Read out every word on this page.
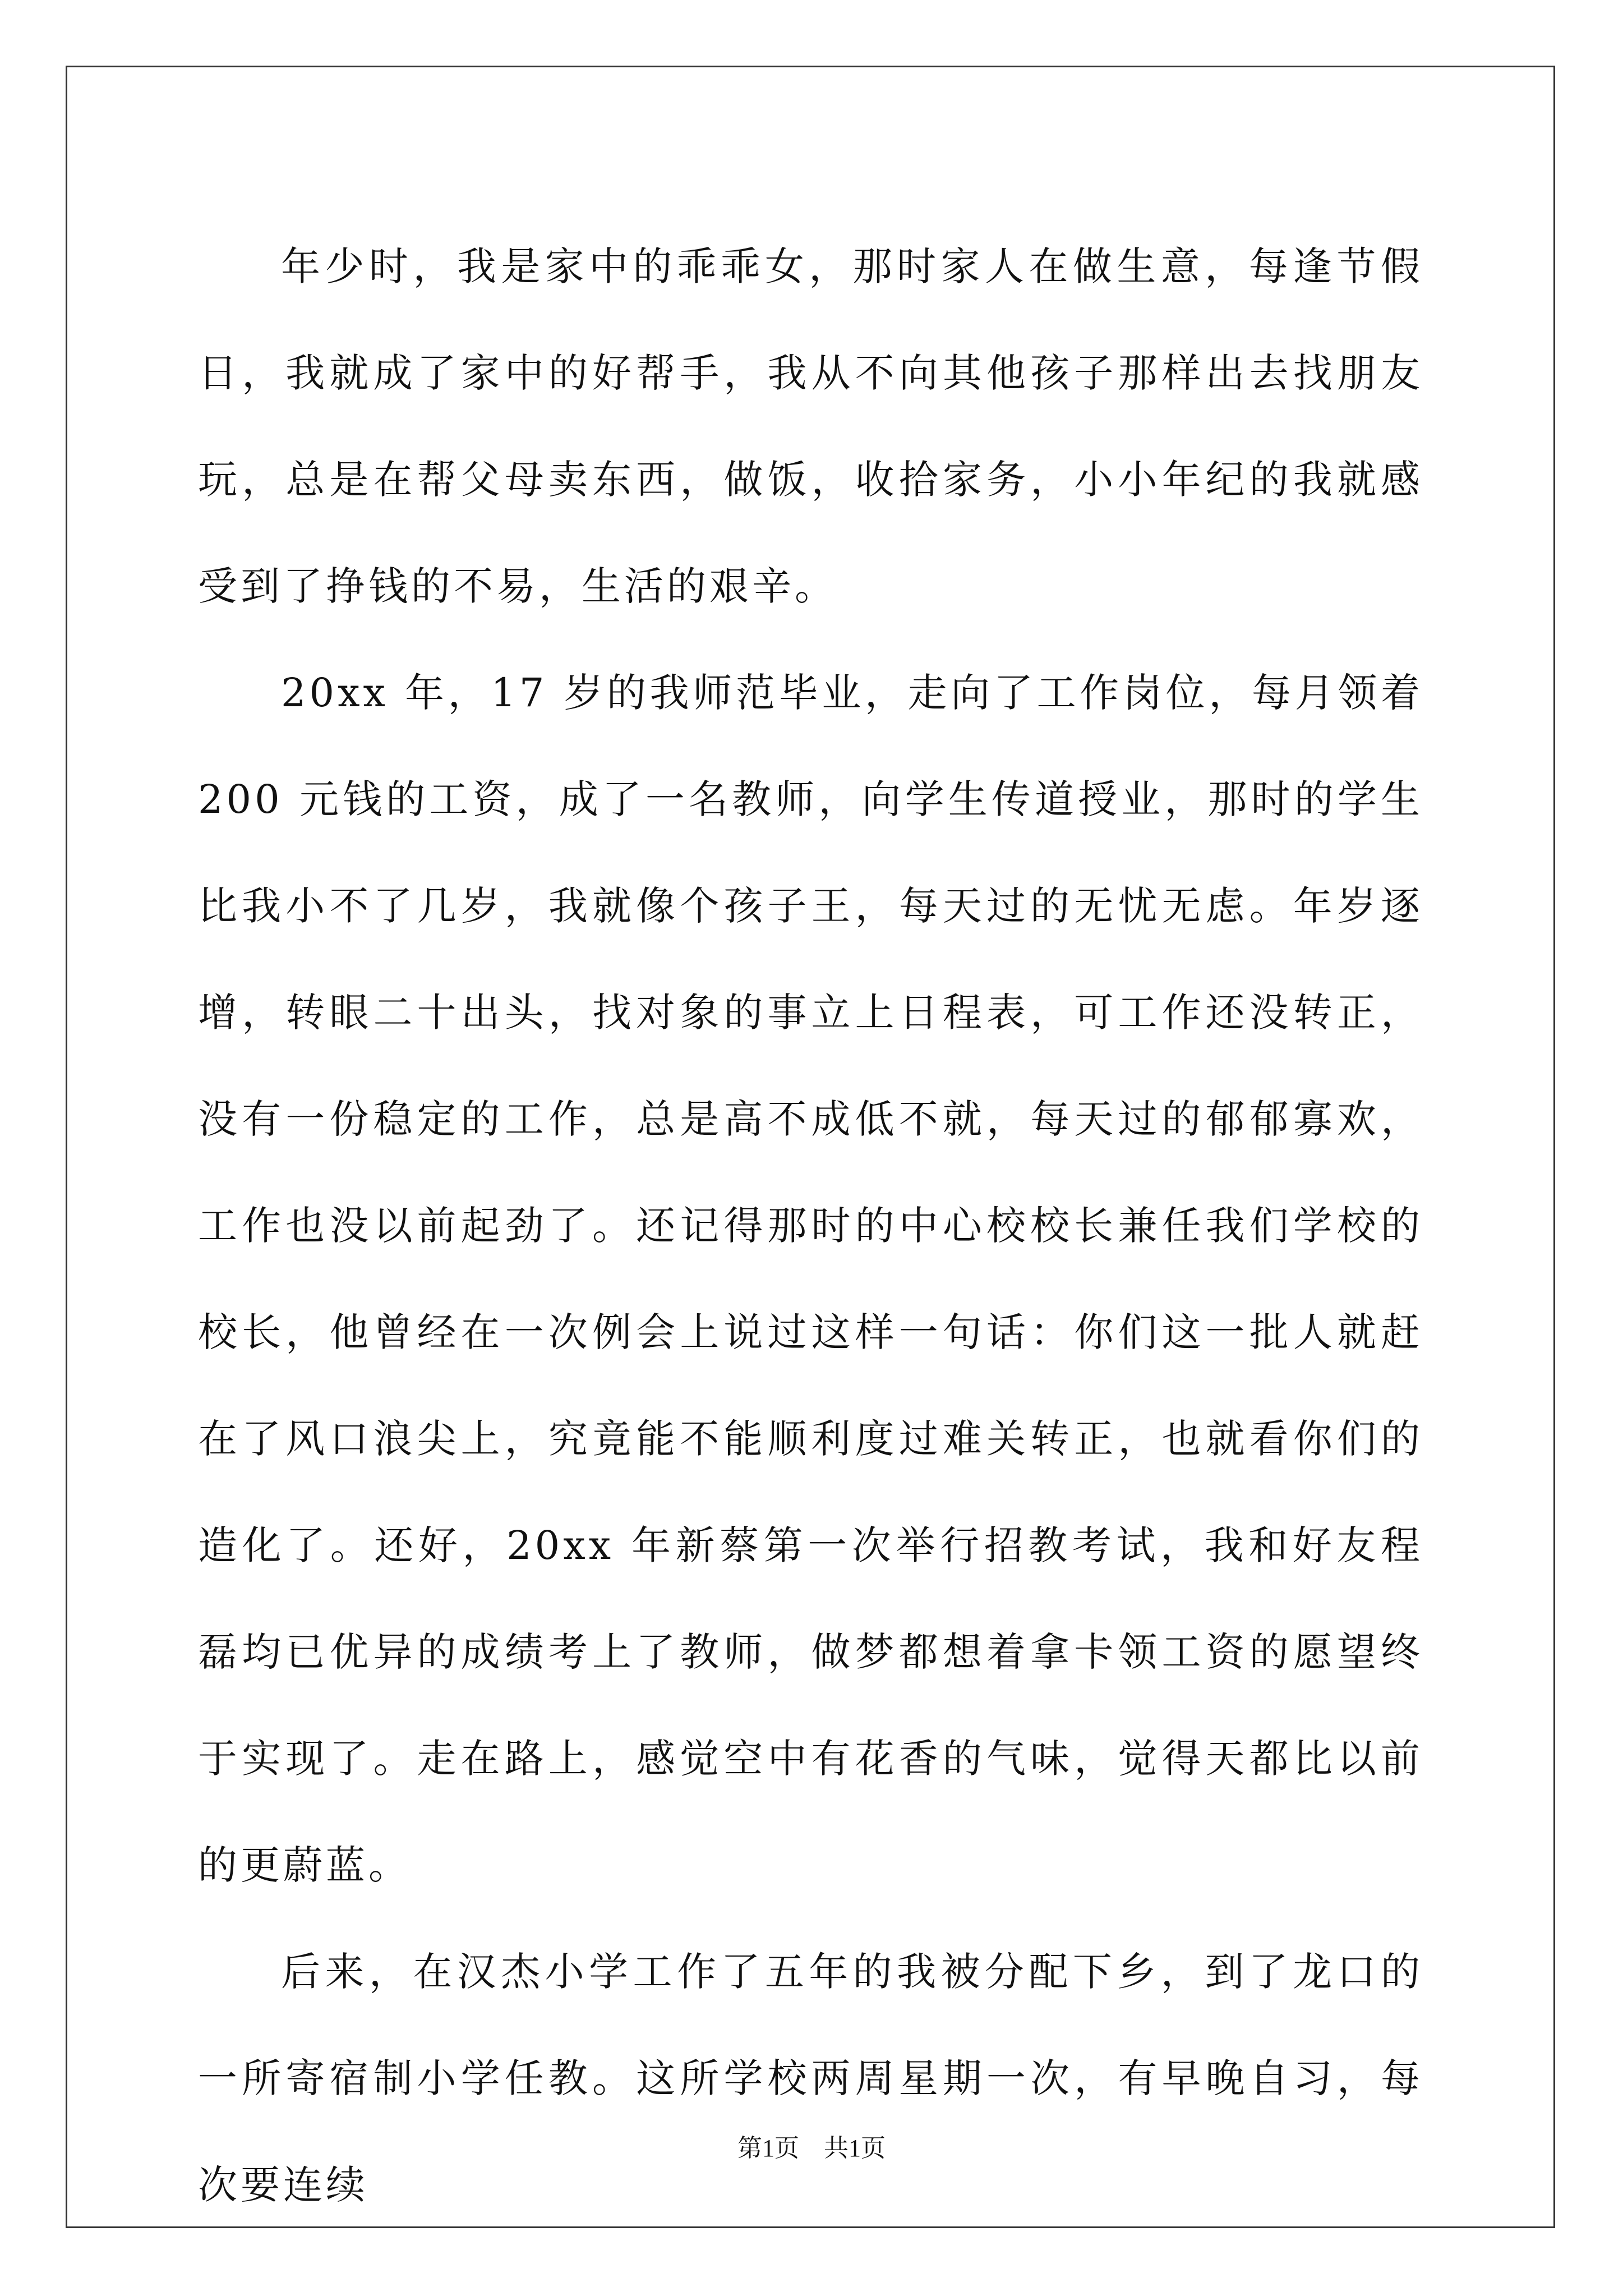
年少时，我是家中的乖乖女，那时家人在做生意，每逢节假日，我就成了家中的好帮手，我从不向其他孩子那样出去找朋友玩，总是在帮父母卖东西，做饭，收拾家务，小小年纪的我就感受到了挣钱的不易，生活的艰辛。

20xx 年，17 岁的我师范毕业，走向了工作岗位，每月领着 200 元钱的工资，成了一名教师，向学生传道授业，那时的学生比我小不了几岁，我就像个孩子王，每天过的无忧无虑。年岁逐增，转眼二十出头，找对象的事立上日程表，可工作还没转正，没有一份稳定的工作，总是高不成低不就，每天过的郁郁寡欢，工作也没以前起劲了。还记得那时的中心校校长兼任我们学校的校长，他曾经在一次例会上说过这样一句话：你们这一批人就赶在了风口浪尖上，究竟能不能顺利度过难关转正，也就看你们的造化了。还好，20xx 年新蔡第一次举行招教考试，我和好友程磊均已优异的成绩考上了教师，做梦都想着拿卡领工资的愿望终于实现了。走在路上，感觉空中有花香的气味，觉得天都比以前的更蔚蓝。

后来，在汉杰小学工作了五年的我被分配下乡，到了龙口的一所寄宿制小学任教。这所学校两周星期一次，有早晚自习，每次要连续

第1页　共1页
